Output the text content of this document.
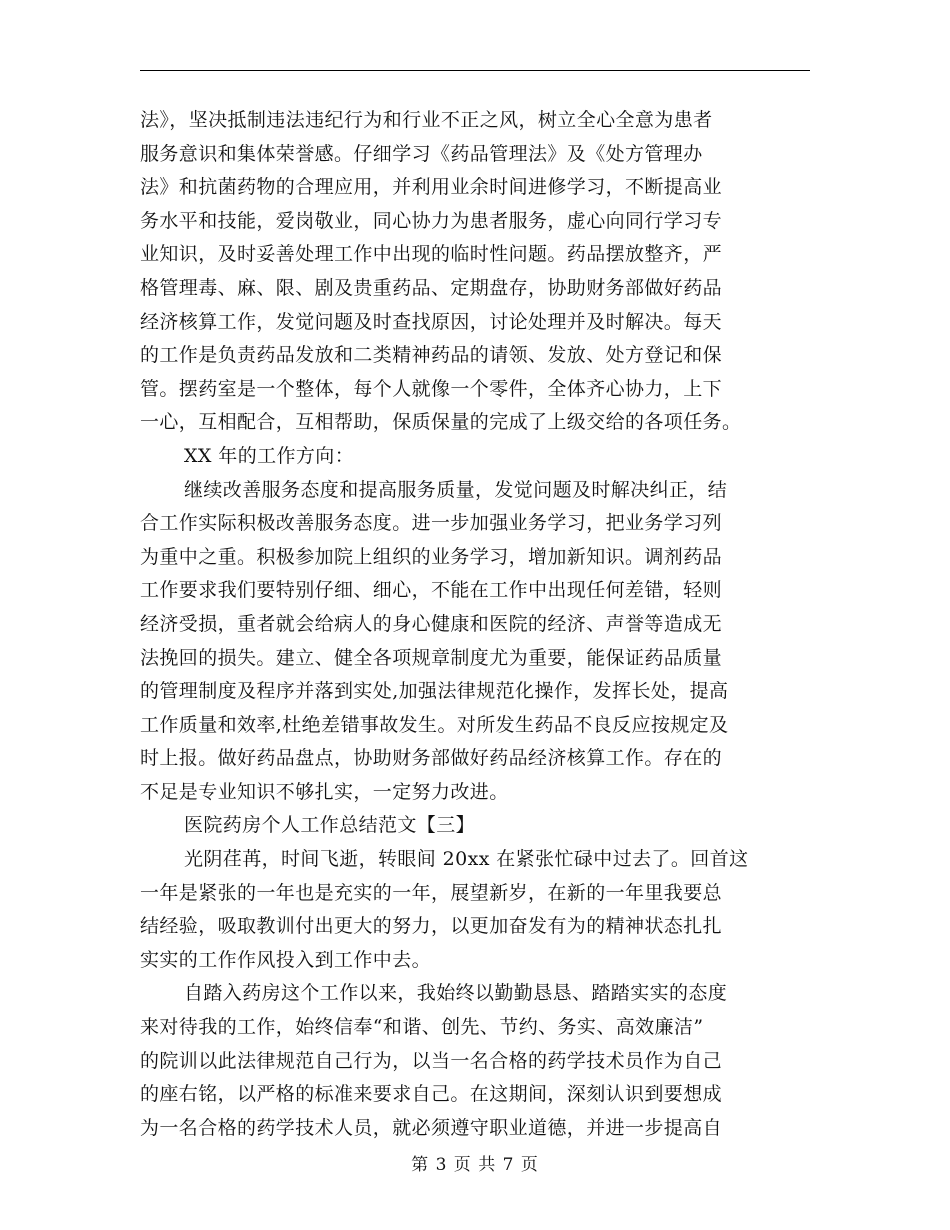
法》，坚决抵制违法违纪行为和行业不正之风，树立全心全意为患者
服务意识和集体荣誉感。仔细学习《药品管理法》及《处方管理办
法》和抗菌药物的合理应用，并利用业余时间进修学习，不断提高业
务水平和技能，爱岗敬业，同心协力为患者服务，虚心向同行学习专
业知识，及时妥善处理工作中出现的临时性问题。药品摆放整齐，严
格管理毒、麻、限、剧及贵重药品、定期盘存，协助财务部做好药品
经济核算工作，发觉问题及时查找原因，讨论处理并及时解决。每天
的工作是负责药品发放和二类精神药品的请领、发放、处方登记和保
管。摆药室是一个整体，每个人就像一个零件，全体齐心协力，上下
一心，互相配合，互相帮助，保质保量的完成了上级交给的各项任务。
XX 年的工作方向：
继续改善服务态度和提高服务质量，发觉问题及时解决纠正，结
合工作实际积极改善服务态度。进一步加强业务学习，把业务学习列
为重中之重。积极参加院上组织的业务学习，增加新知识。调剂药品
工作要求我们要特别仔细、细心，不能在工作中出现任何差错，轻则
经济受损，重者就会给病人的身心健康和医院的经济、声誉等造成无
法挽回的损失。建立、健全各项规章制度尤为重要，能保证药品质量
的管理制度及程序并落到实处,加强法律规范化操作，发挥长处，提高
工作质量和效率,杜绝差错事故发生。对所发生药品不良反应按规定及
时上报。做好药品盘点，协助财务部做好药品经济核算工作。存在的
不足是专业知识不够扎实，一定努力改进。
医院药房个人工作总结范文【三】
光阴荏苒，时间飞逝，转眼间 20xx 在紧张忙碌中过去了。回首这
一年是紧张的一年也是充实的一年，展望新岁，在新的一年里我要总
结经验，吸取教训付出更大的努力，以更加奋发有为的精神状态扎扎
实实的工作作风投入到工作中去。
自踏入药房这个工作以来，我始终以勤勤恳恳、踏踏实实的态度
来对待我的工作，始终信奉“和谐、创先、节约、务实、高效廉洁”
的院训以此法律规范自己行为，以当一名合格的药学技术员作为自己
的座右铭，以严格的标准来要求自己。在这期间，深刻认识到要想成
为一名合格的药学技术人员，就必须遵守职业道德，并进一步提高自
第 3 页 共 7 页
